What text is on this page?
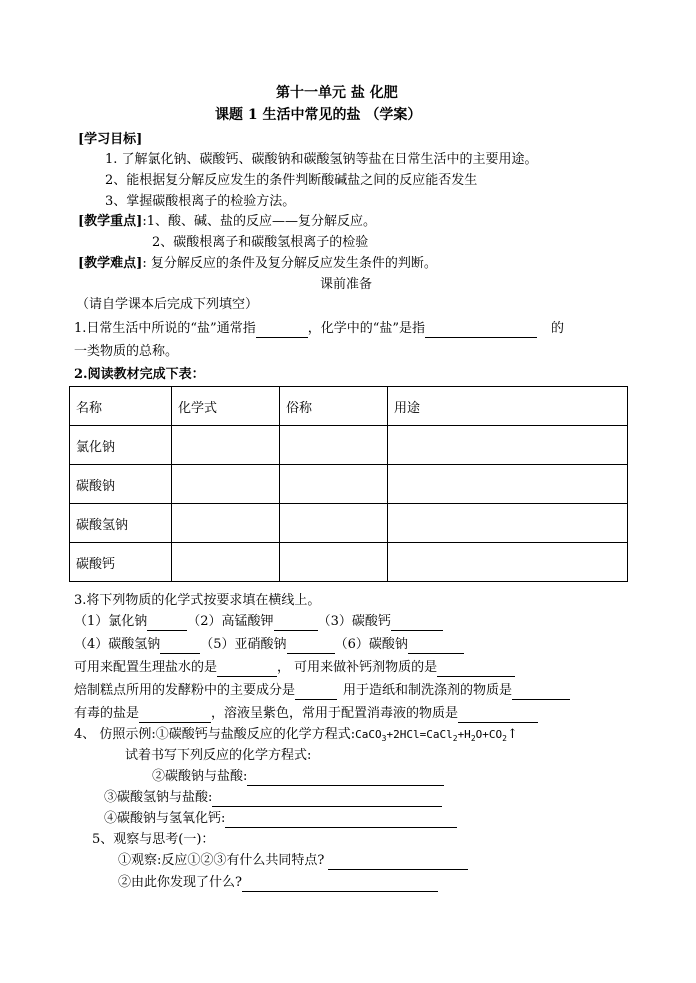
第十一单元 盐 化肥
课题 1 生活中常见的盐 （学案）
[学习目标]
1. 了解氯化钠、碳酸钙、碳酸钠和碳酸氢钠等盐在日常生活中的主要用途。
2、能根据复分解反应发生的条件判断酸碱盐之间的反应能否发生
3、掌握碳酸根离子的检验方法。
[教学重点]:1、酸、碱、盐的反应——复分解反应。
2、碳酸根离子和碳酸氢根离子的检验
[教学难点]: 复分解反应的条件及复分解反应发生条件的判断。
课前准备
（请自学课本后完成下列填空）
1.日常生活中所说的“盐”通常指	，化学中的“盐”是指	的
一类物质的总称。
2.阅读教材完成下表：
名称	化学式	俗称	用途
氯化钠			
碳酸钠			
碳酸氢钠			
碳酸钙			
3.将下列物质的化学式按要求填在横线上。
（1）氯化钠	（2）高锰酸钾	（3）碳酸钙
（4）碳酸氢钠	（5）亚硝酸钠	（6）碳酸钠
可用来配置生理盐水的是	， 可用来做补钙剂物质的是
焙制糕点所用的发酵粉中的主要成分是	用于造纸和制洗涤剂的物质是
有毒的盐是	，溶液呈紫色，常用于配置消毒液的物质是
4、 仿照示例:①碳酸钙与盐酸反应的化学方程式$:CaCO_3+2HCl=CaCl_2+H_2O+CO_2↑$
试着书写下列反应的化学方程式:
②碳酸钠与盐酸:
③碳酸氢钠与盐酸:
④碳酸钠与氢氧化钙:
5、观察与思考(一)：
①观察:反应①②③有什么共同特点?
②由此你发现了什么?
